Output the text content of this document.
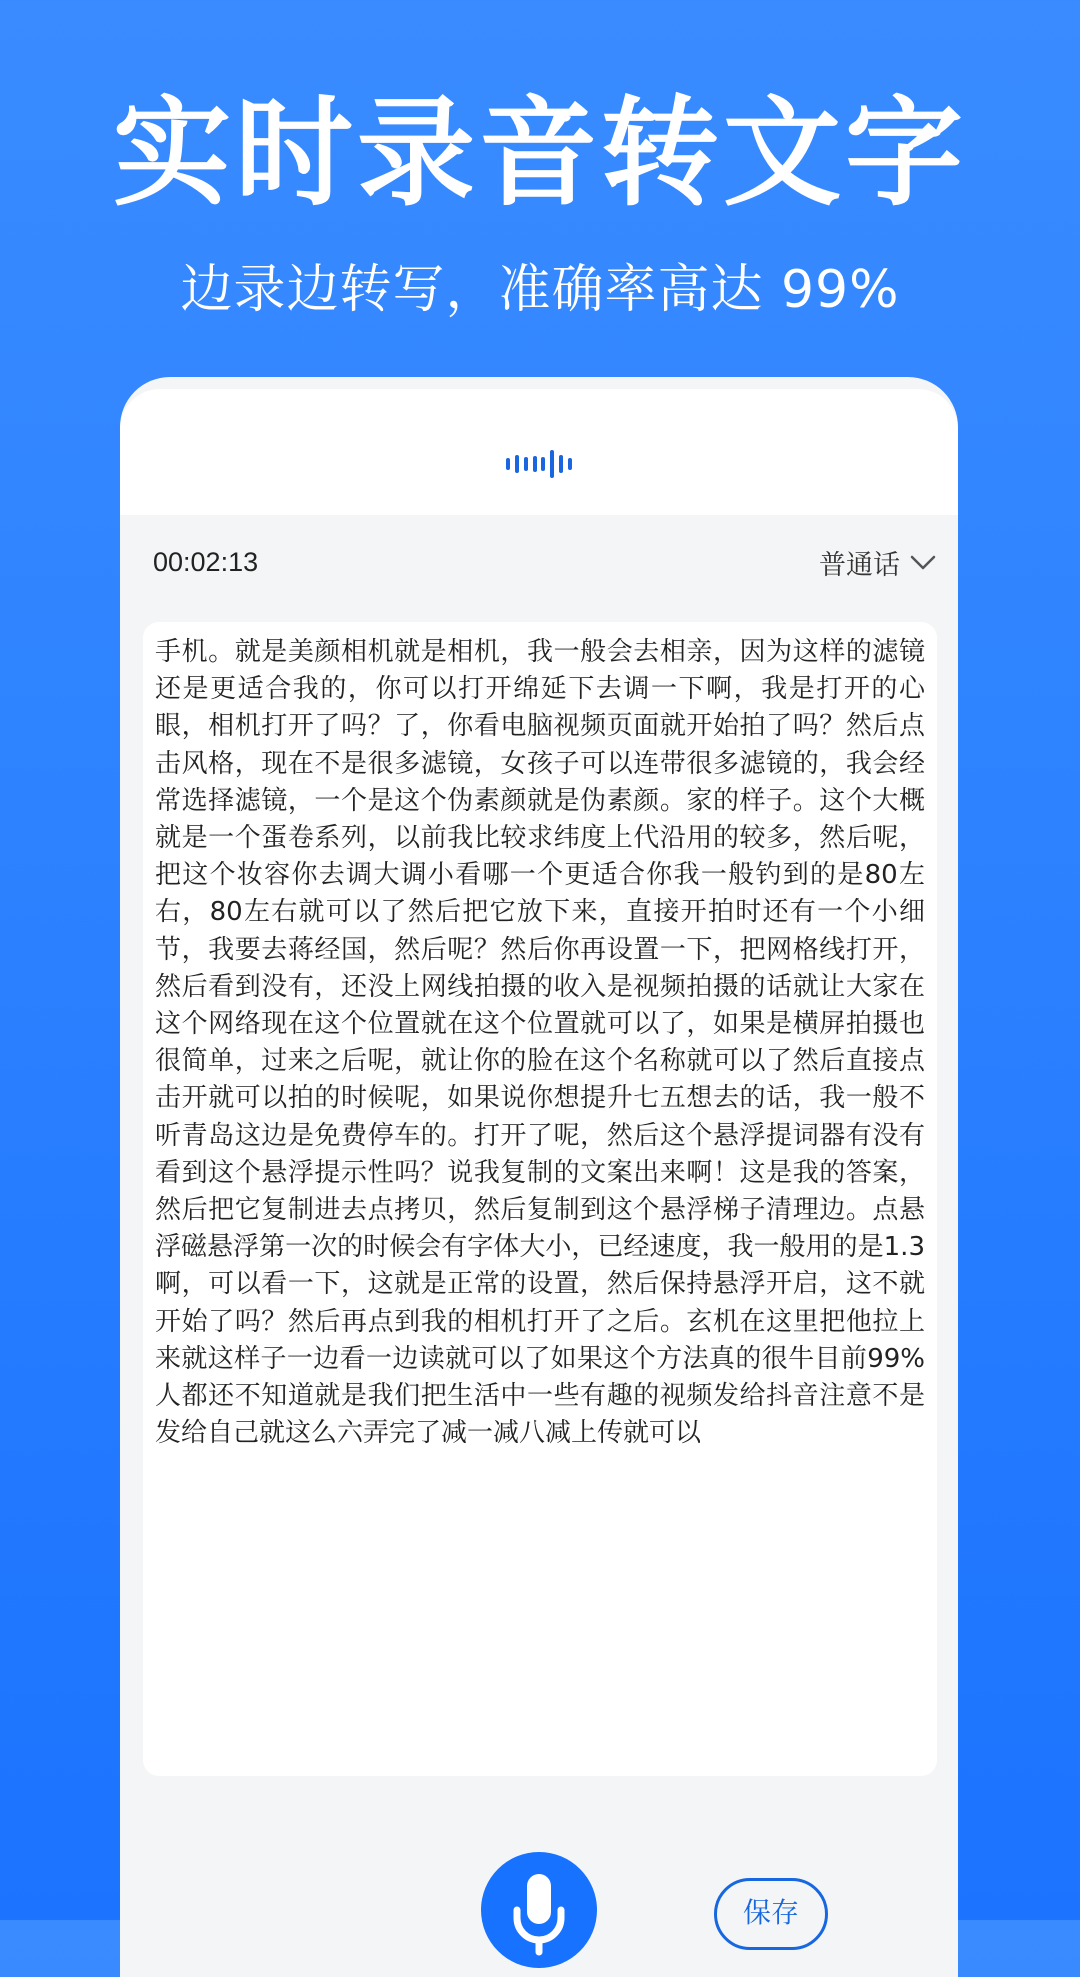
实时录音转文字
边录边转写，准确率高达 99%
00:02:13	普通话

手机。就是美颜相机就是相机，我一般会去相亲，因为这样的滤镜还是更适合我的，你可以打开绵延下去调一下啊，我是打开的心眼，相机打开了吗？了，你看电脑视频页面就开始拍了吗？然后点击风格，现在不是很多滤镜，女孩子可以连带很多滤镜的，我会经常选择滤镜，一个是这个伪素颜就是伪素颜。家的样子。这个大概就是一个蛋卷系列，以前我比较求纬度上代沿用的较多，然后呢，把这个妆容你去调大调小看哪一个更适合你我一般钓到的是80左右，80左右就可以了然后把它放下来，直接开拍时还有一个小细节，我要去蒋经国，然后呢？然后你再设置一下，把网格线打开，然后看到没有，还没上网线拍摄的收入是视频拍摄的话就让大家在这个网络现在这个位置就在这个位置就可以了，如果是横屏拍摄也很简单，过来之后呢，就让你的脸在这个名称就可以了然后直接点击开就可以拍的时候呢，如果说你想提升七五想去的话，我一般不听青岛这边是免费停车的。打开了呢，然后这个悬浮提词器有没有看到这个悬浮提示性吗？说我复制的文案出来啊！这是我的答案，然后把它复制进去点拷贝，然后复制到这个悬浮梯子清理边。点悬浮磁悬浮第一次的时候会有字体大小，已经速度，我一般用的是1.3啊，可以看一下，这就是正常的设置，然后保持悬浮开启，这不就开始了吗？然后再点到我的相机打开了之后。玄机在这里把他拉上来就这样子一边看一边读就可以了如果这个方法真的很牛目前99%人都还不知道就是我们把生活中一些有趣的视频发给抖音注意不是发给自己就这么六弄完了减一减八减上传就可以

保存
